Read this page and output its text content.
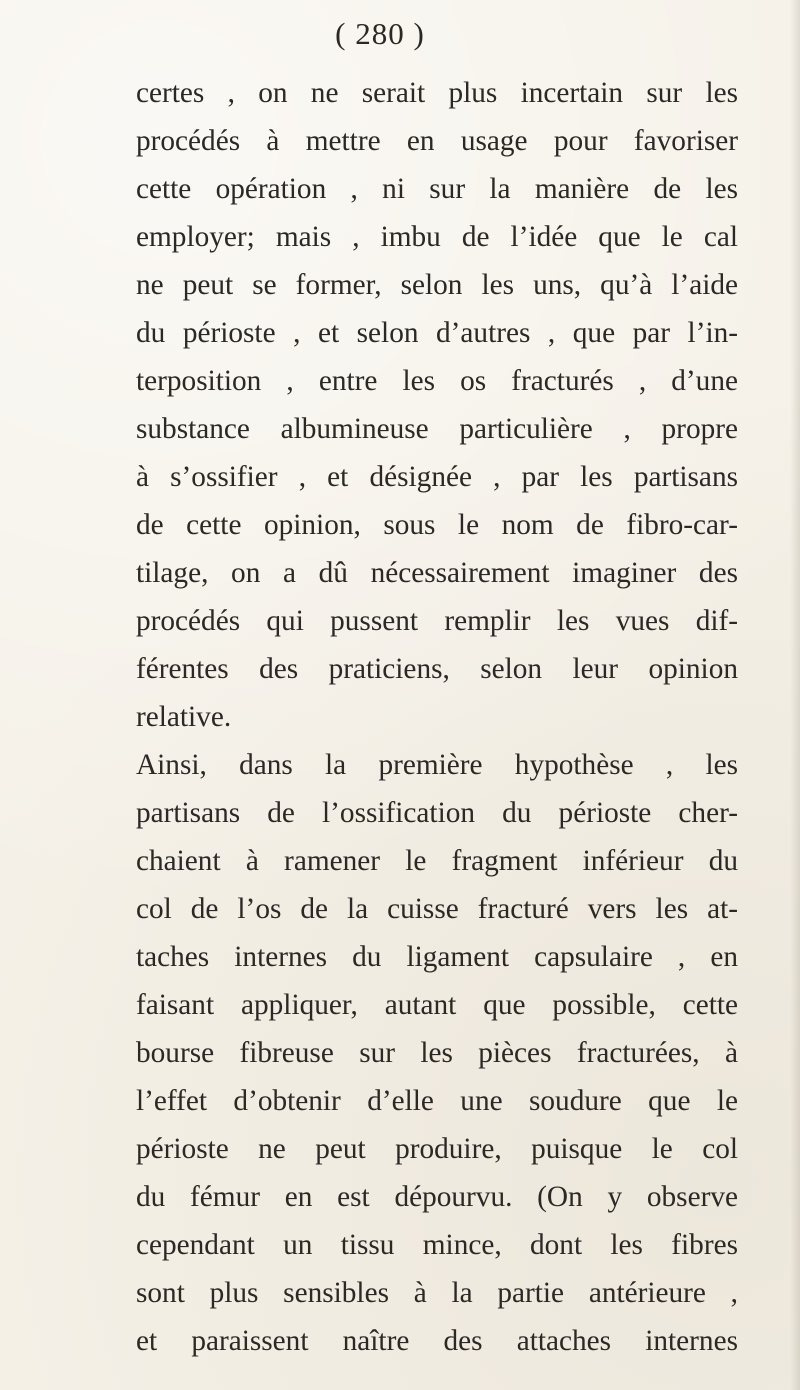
( 280 )
certes , on ne serait plus incertain sur les
procédés à mettre en usage pour favoriser
cette opération , ni sur la manière de les
employer; mais , imbu de l’idée que le cal
ne peut se former, selon les uns, qu’à l’aide
du périoste , et selon d’autres , que par l’in-
terposition , entre les os fracturés , d’une
substance albumineuse particulière , propre
à s’ossifier , et désignée , par les partisans
de cette opinion, sous le nom de fibro-car-
tilage, on a dû nécessairement imaginer des
procédés qui pussent remplir les vues dif-
férentes des praticiens, selon leur opinion
relative.
Ainsi, dans la première hypothèse , les
partisans de l’ossification du périoste cher-
chaient à ramener le fragment inférieur du
col de l’os de la cuisse fracturé vers les at-
taches internes du ligament capsulaire , en
faisant appliquer, autant que possible, cette
bourse fibreuse sur les pièces fracturées, à
l’effet d’obtenir d’elle une soudure que le
périoste ne peut produire, puisque le col
du fémur en est dépourvu. (On y observe
cependant un tissu mince, dont les fibres
sont plus sensibles à la partie antérieure ,
et paraissent naître des attaches internes
